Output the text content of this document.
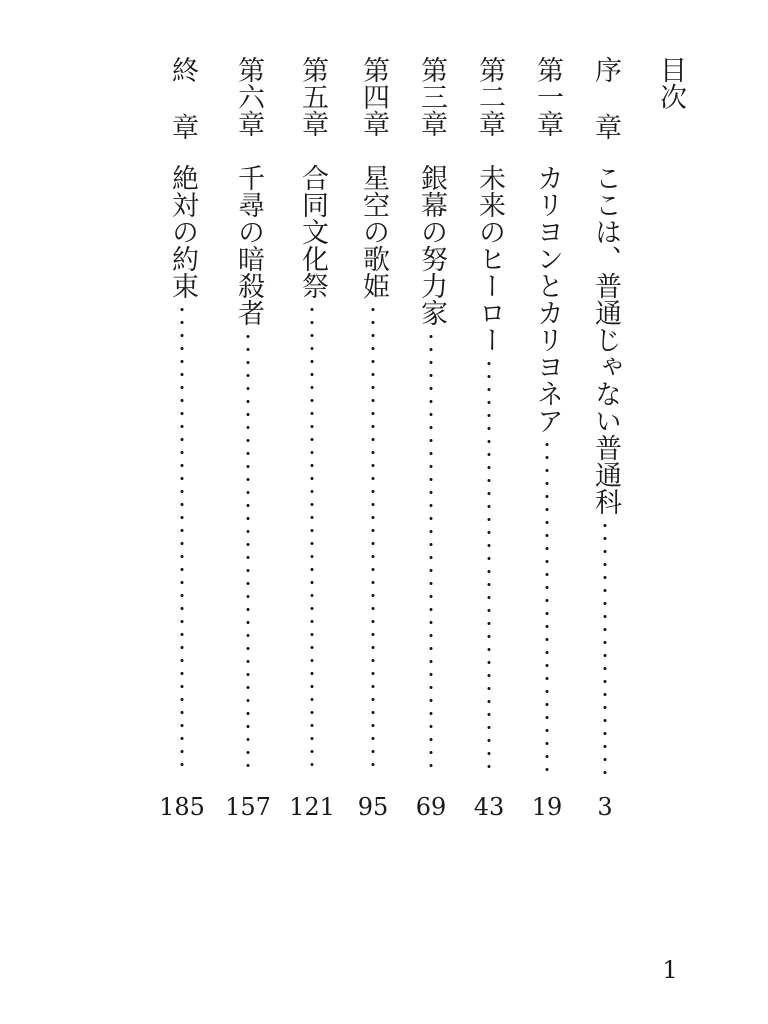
目次
序章
ここは、普通じゃない普通科
3
第一章
カリヨンとカリヨネア
19
第二章
未来のヒーロー
43
第三章
銀幕の努力家
69
第四章
星空の歌姫
95
第五章
合同文化祭
121
第六章
千尋の暗殺者
157
終章
絶対の約束
185
1
